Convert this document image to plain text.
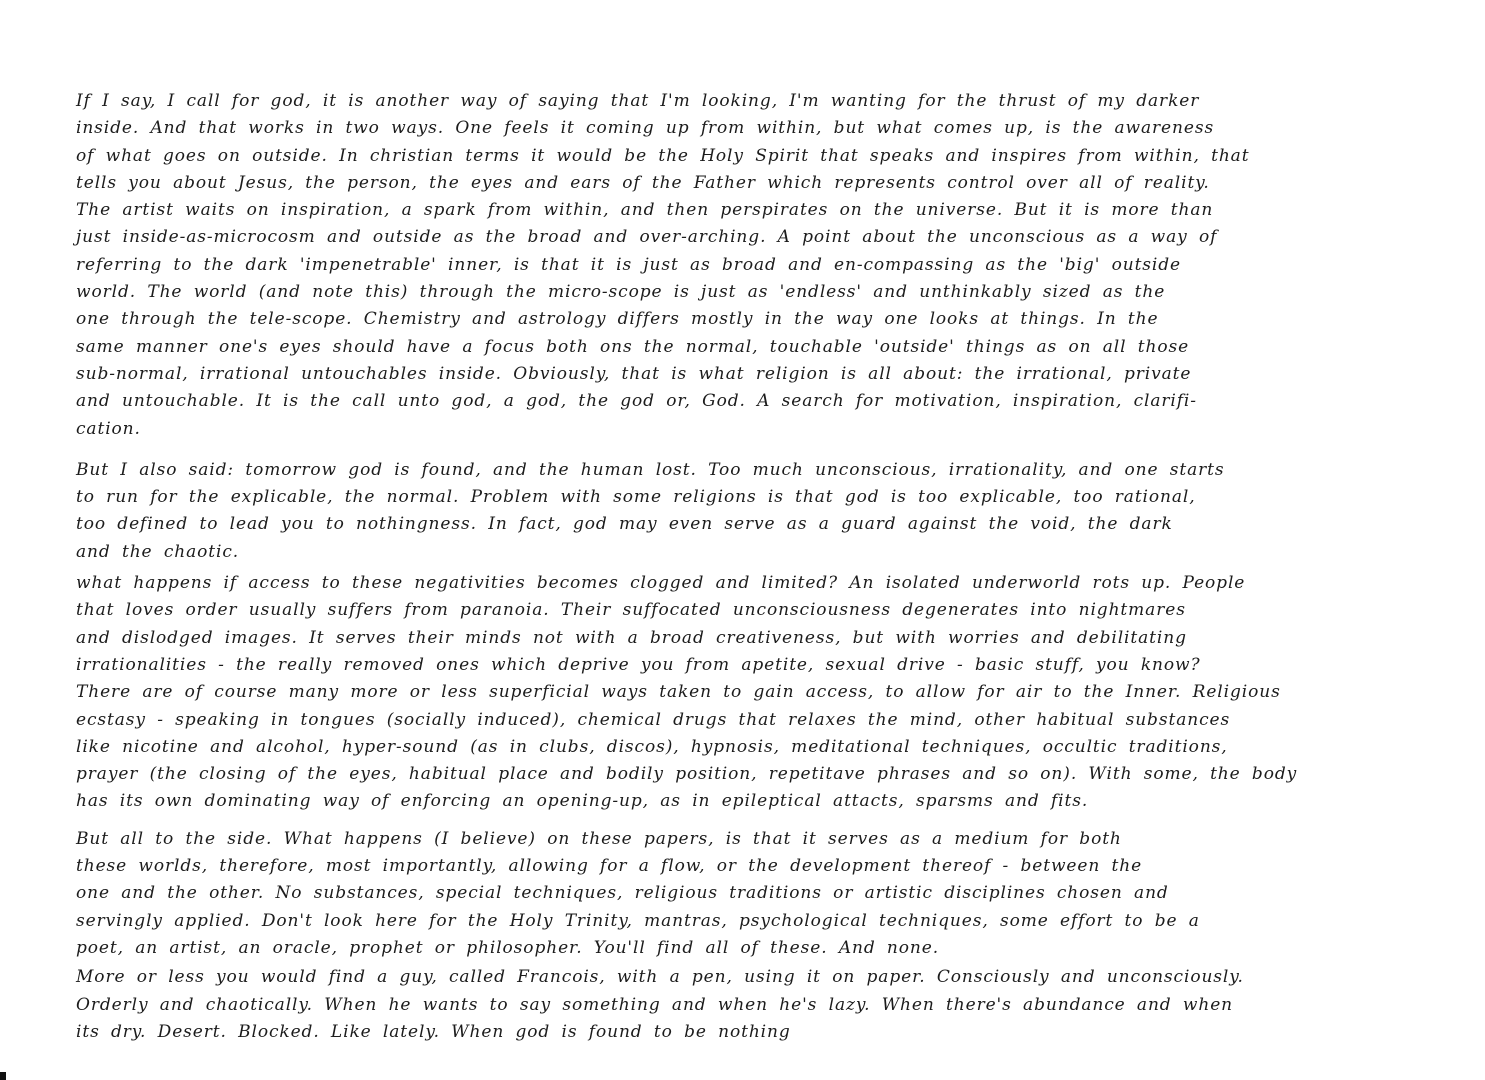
If I say, I call for god, it is another way of saying that I'm looking, I'm wanting for the thrust of my darker
inside. And that works in two ways. One feels it coming up from within, but what comes up, is the awareness
of what goes on outside. In christian terms it would be the Holy Spirit that speaks and inspires from within, that
tells you about Jesus, the person, the eyes and ears of the Father which represents control over all of reality.
The artist waits on inspiration, a spark from within, and then perspirates on the universe. But it is more than
just inside-as-microcosm and outside as the broad and over-arching. A point about the unconscious as a way of
referring to the dark 'impenetrable' inner, is that it is just as broad and en-compassing as the 'big' outside
world. The world (and note this) through the micro-scope is just as 'endless' and unthinkably sized as the
one through the tele-scope. Chemistry and astrology differs mostly in the way one looks at things. In the
same manner one's eyes should have a focus both ons the normal, touchable 'outside' things as on all those
sub-normal, irrational untouchables inside. Obviously, that is what religion is all about: the irrational, private
and untouchable. It is the call unto god, a god, the god or, God. A search for motivation, inspiration, clarifi-
cation.
But I also said: tomorrow god is found, and the human lost. Too much unconscious, irrationality, and one starts
to run for the explicable, the normal. Problem with some religions is that god is too explicable, too rational,
too defined to lead you to nothingness. In fact, god may even serve as a guard against the void, the dark
and the chaotic.
what happens if access to these negativities becomes clogged and limited? An isolated underworld rots up. People
that loves order usually suffers from paranoia. Their suffocated unconsciousness degenerates into nightmares
and dislodged images. It serves their minds not with a broad creativeness, but with worries and debilitating
irrationalities - the really removed ones which deprive you from apetite, sexual drive - basic stuff, you know?
There are of course many more or less superficial ways taken to gain access, to allow for air to the Inner. Religious
ecstasy - speaking in tongues (socially induced), chemical drugs that relaxes the mind, other habitual substances
like nicotine and alcohol, hyper-sound (as in clubs, discos), hypnosis, meditational techniques, occultic traditions,
prayer (the closing of the eyes, habitual place and bodily position, repetitave phrases and so on). With some, the body
has its own dominating way of enforcing an opening-up, as in epileptical attacts, sparsms and fits.
But all to the side. What happens (I believe) on these papers, is that it serves as a medium for both
these worlds, therefore, most importantly, allowing for a flow, or the development thereof - between the
one and the other. No substances, special techniques, religious traditions or artistic disciplines chosen and
servingly applied. Don't look here for the Holy Trinity, mantras, psychological techniques, some effort to be a
poet, an artist, an oracle, prophet or philosopher. You'll find all of these. And none.
More or less you would find a guy, called Francois, with a pen, using it on paper. Consciously and unconsciously.
Orderly and chaotically. When he wants to say something and when he's lazy. When there's abundance and when
its dry. Desert. Blocked. Like lately. When god is found to be nothing
